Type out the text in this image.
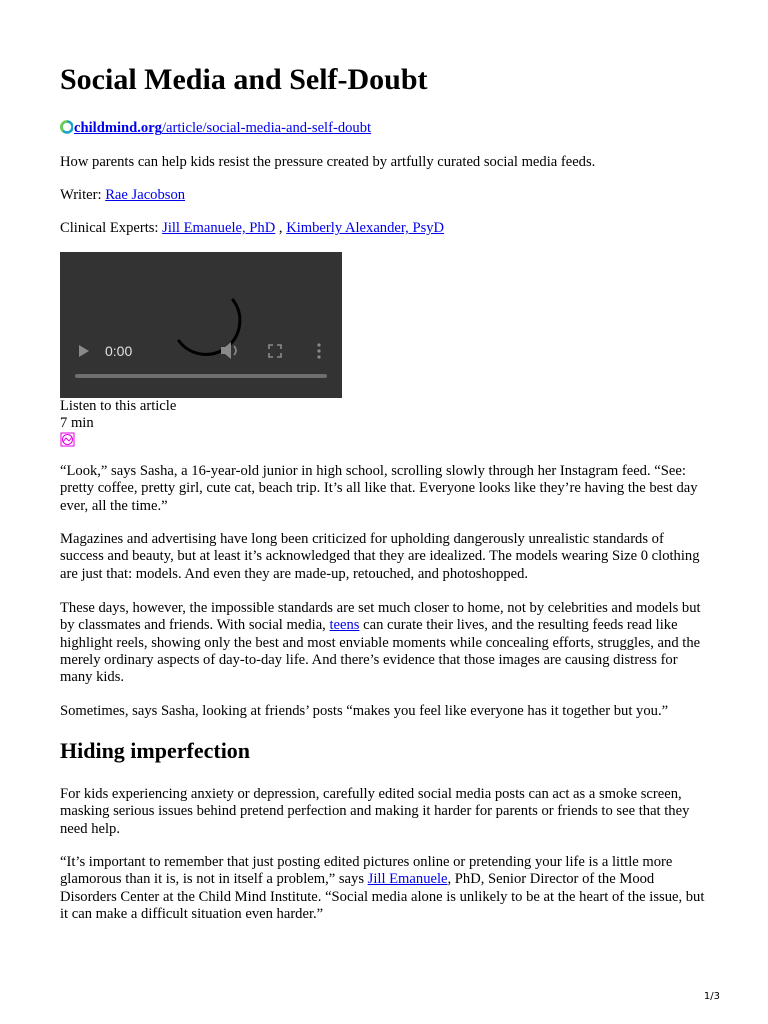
Social Media and Self-Doubt
childmind.org/article/social-media-and-self-doubt

How parents can help kids resist the pressure created by artfully curated social media feeds.

Writer: Rae Jacobson

Clinical Experts: Jill Emanuele, PhD , Kimberly Alexander, PsyD

0:00
Listen to this article
7 min

“Look,” says Sasha, a 16-year-old junior in high school, scrolling slowly through her Instagram feed. “See: pretty coffee, pretty girl, cute cat, beach trip. It’s all like that. Everyone looks like they’re having the best day ever, all the time.”

Magazines and advertising have long been criticized for upholding dangerously unrealistic standards of success and beauty, but at least it’s acknowledged that they are idealized. The models wearing Size 0 clothing are just that: models. And even they are made-up, retouched, and photoshopped.

These days, however, the impossible standards are set much closer to home, not by celebrities and models but by classmates and friends. With social media, teens can curate their lives, and the resulting feeds read like highlight reels, showing only the best and most enviable moments while concealing efforts, struggles, and the merely ordinary aspects of day-to-day life. And there’s evidence that those images are causing distress for many kids.

Sometimes, says Sasha, looking at friends’ posts “makes you feel like everyone has it together but you.”

Hiding imperfection

For kids experiencing anxiety or depression, carefully edited social media posts can act as a smoke screen, masking serious issues behind pretend perfection and making it harder for parents or friends to see that they need help.

“It’s important to remember that just posting edited pictures online or pretending your life is a little more glamorous than it is, is not in itself a problem,” says Jill Emanuele, PhD, Senior Director of the Mood Disorders Center at the Child Mind Institute. “Social media alone is unlikely to be at the heart of the issue, but it can make a difficult situation even harder.”

1/3
